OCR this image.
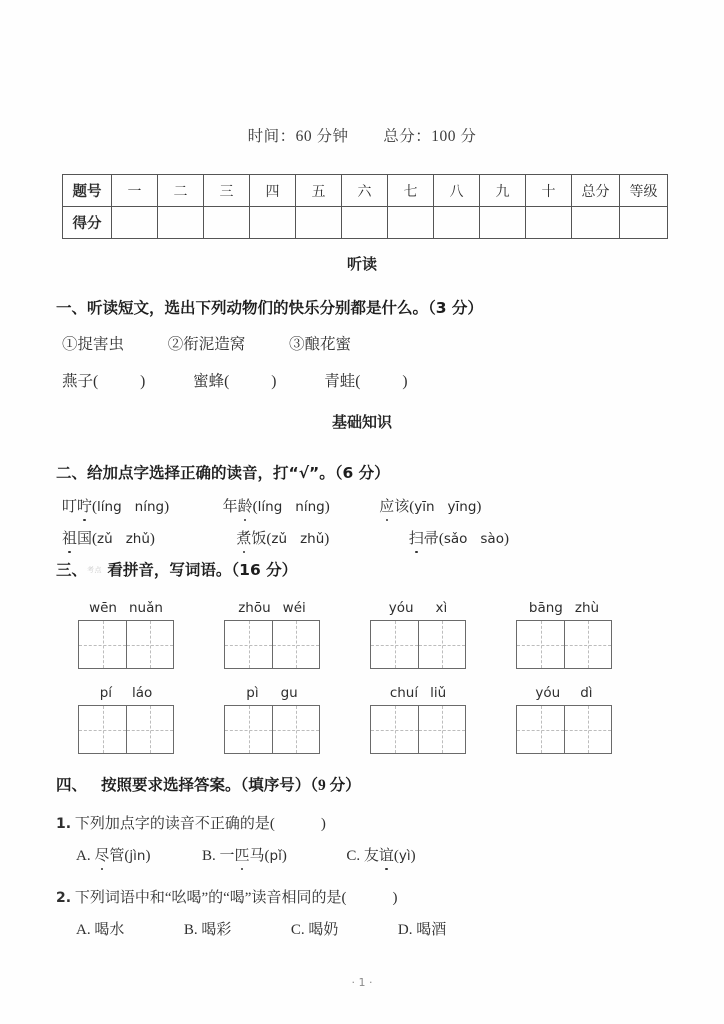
时间：60 分钟 总分：100 分
题号	一	二	三	四	五	六	七	八	九	十	总分	等级
得分												
听读
一、听读短文，选出下列动物们的快乐分别都是什么。（3 分）
①捉害虫	②衔泥造窝	③酿花蜜
燕子(	)	蜜蜂(	)	青蛙(	)
基础知识
二、给加点字选择正确的读音，打“√”。（6 分）
叮咛(líng níng)	年龄(líng níng)	应该(yīn yīng)
祖国(zǔ zhǔ)	煮饭(zǔ zhǔ)	扫帚(sǎo sào)
三、考点 看拼音，写词语。（16 分）
wēn nuǎn	zhōu wéi	yóu xì	bāng zhù
pí láo	pì gu	chuí liǔ	yóu dì
四、 按照要求选择答案。（填序号）（9 分）
1. 下列加点字的读音不正确的是(	)
A. 尽管(jìn)	B. 一匹马(pǐ)	C. 友谊(yì)
2. 下列词语中和“吆喝”的“喝”读音相同的是(	)
A. 喝水	B. 喝彩	C. 喝奶	D. 喝酒
· 1 ·
